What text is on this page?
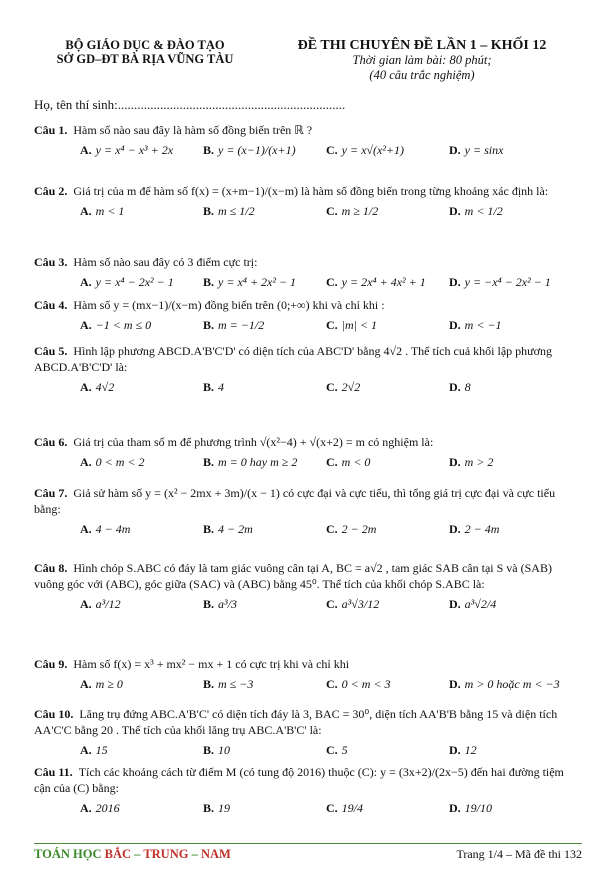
BỘ GIÁO DỤC & ĐÀO TẠO
SỞ GD–ĐT BÀ RỊA VŨNG TÀU
ĐỀ THI CHUYÊN ĐỀ LẦN 1 – KHỐI 12
Thời gian làm bài: 80 phút;
(40 câu trắc nghiệm)
Họ, tên thí sinh:......................................................................
Câu 1. Hàm số nào sau đây là hàm số đồng biến trên ℝ ?
A. y = x⁴ − x³ + 2x	B. y = (x−1)/(x+1)	C. y = x√(x²+1)	D. y = sinx
Câu 2. Giá trị của m để hàm số f(x) = (x+m−1)/(x−m) là hàm số đồng biến trong từng khoảng xác định là:
A. m < 1	B. m ≤ 1/2	C. m ≥ 1/2	D. m < 1/2
Câu 3. Hàm số nào sau đây có 3 điểm cực trị:
A. y = x⁴ − 2x² − 1	B. y = x⁴ + 2x² − 1	C. y = 2x⁴ + 4x² + 1	D. y = −x⁴ − 2x² − 1
Câu 4. Hàm số y = (mx−1)/(x−m) đồng biến trên (0;+∞) khi và chỉ khi :
A. −1 < m ≤ 0	B. m = −1/2	C. |m| < 1	D. m < −1
Câu 5. Hình lập phương ABCD.A'B'C'D' có diện tích của ABC'D' bằng 4√2 . Thể tích cuả khối lập phương ABCD.A'B'C'D' là:
A. 4√2	B. 4	C. 2√2	D. 8
Câu 6. Giá trị của tham số m để phương trình √(x²−4) + √(x+2) = m có nghiệm là:
A. 0 < m < 2	B. m = 0 hay m ≥ 2	C. m < 0	D. m > 2
Câu 7. Giả sử hàm số y = (x² − 2mx + 3m)/(x − 1) có cực đại và cực tiểu, thì tổng giá trị cực đại và cực tiểu bằng:
A. 4 − 4m	B. 4 − 2m	C. 2 − 2m	D. 2 − 4m
Câu 8. Hình chóp S.ABC có đáy là tam giác vuông cân tại A, BC = a√2 , tam giác SAB cân tại S và (SAB) vuông góc với (ABC), góc giữa (SAC) và (ABC) bằng 45⁰. Thể tích của khối chóp S.ABC là:
A. a³/12	B. a³/3	C. a³√3/12	D. a³√2/4
Câu 9. Hàm số f(x) = x³ + mx² − mx + 1 có cực trị khi và chỉ khi
A. m ≥ 0	B. m ≤ −3	C. 0 < m < 3	D. m > 0 hoặc m < −3
Câu 10. Lăng trụ đứng ABC.A'B'C' có diện tích đáy là 3, BAC = 30⁰, diện tích AA'B'B bằng 15 và diện tích AA'C'C bằng 20 . Thể tích của khối lăng trụ ABC.A'B'C' là:
A. 15	B. 10	C. 5	D. 12
Câu 11. Tích các khoảng cách từ điểm M (có tung độ 2016) thuộc (C): y = (3x+2)/(2x−5) đến hai đường tiệm cận của (C) bằng:
A. 2016	B. 19	C. 19/4	D. 19/10
TOÁN HỌC BẮC – TRUNG – NAM	Trang 1/4 – Mã đề thi 132
